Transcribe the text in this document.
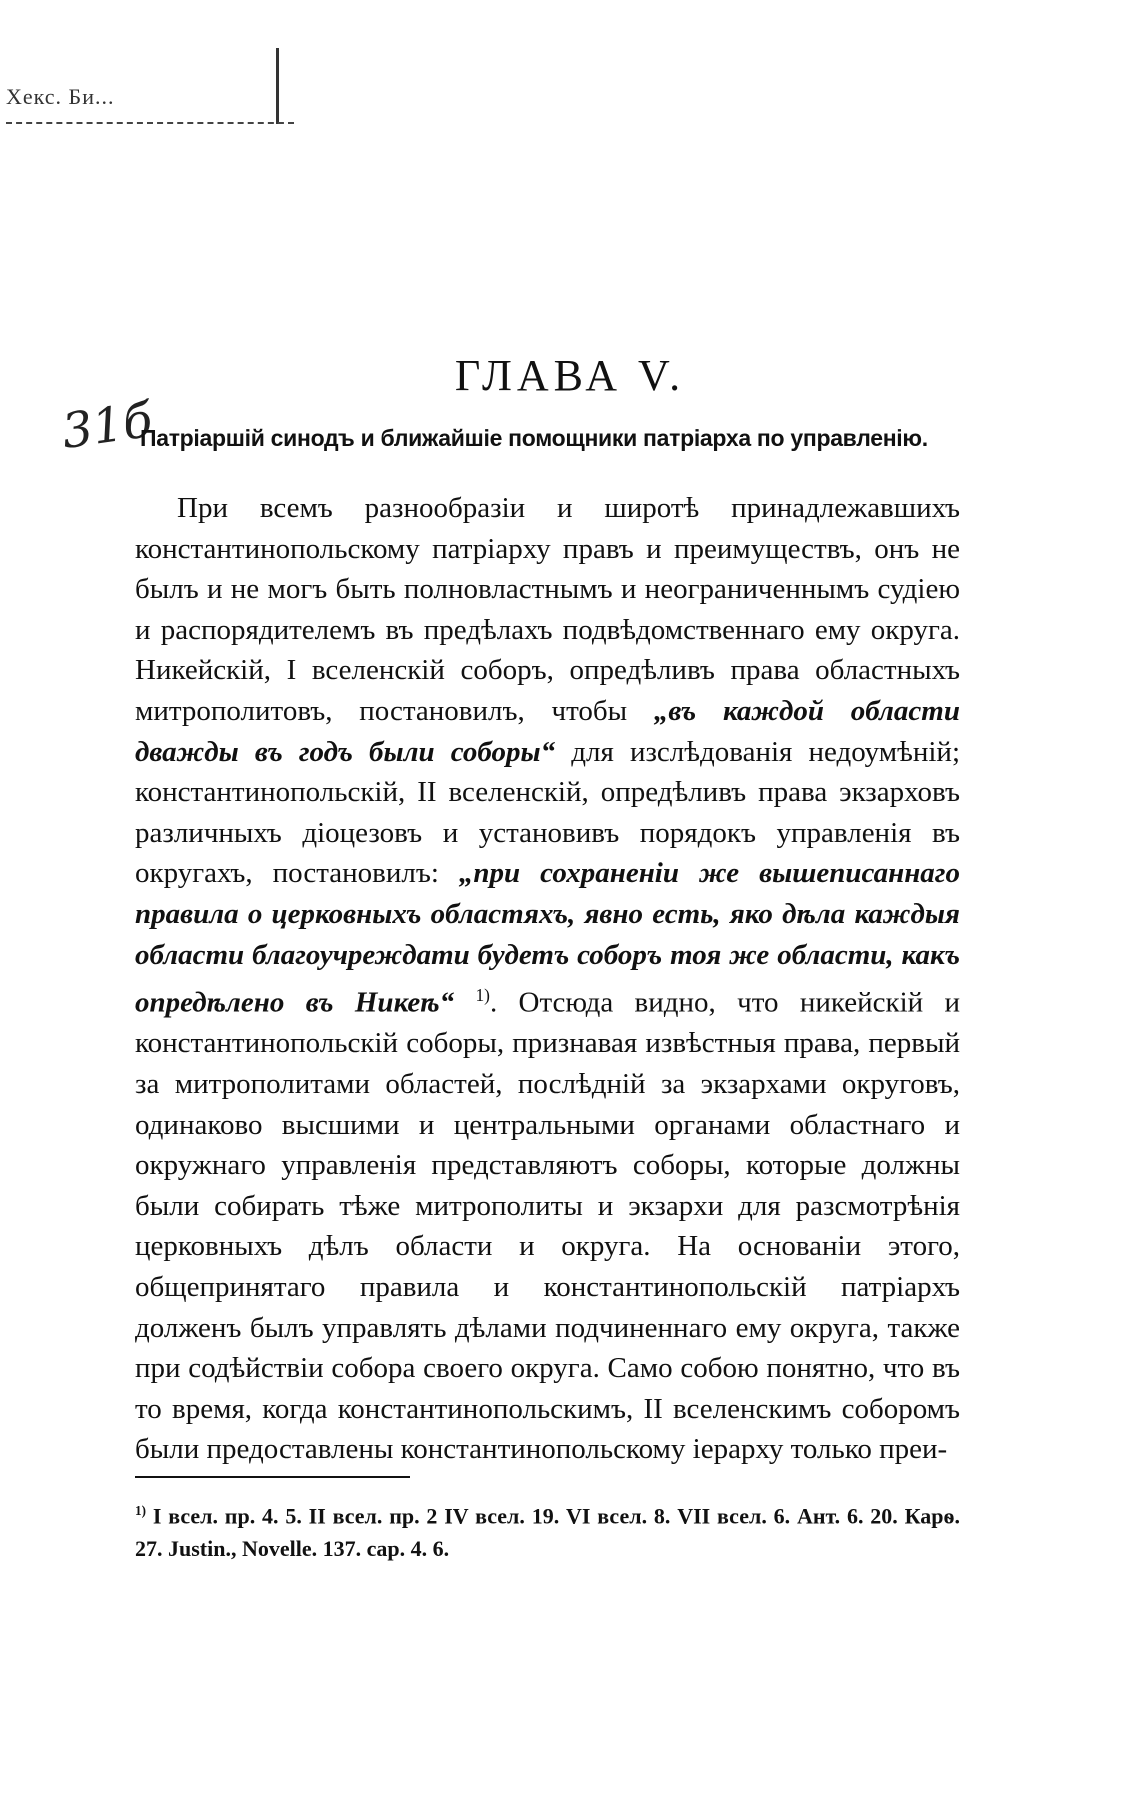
Хекс. Би...
31б
ГЛАВА V.
Патріаршій синодъ и ближайшіе помощники патріарха по управленію.
При всемъ разнообразіи и широтѣ принадлежавшихъ константинопольскому патріарху правъ и преимуществъ, онъ не былъ и не могъ быть полновластнымъ и неограниченнымъ судіею и распорядителемъ въ предѣлахъ подвѣдомственнаго ему округа. Никейскій, I вселенскій соборъ, опредѣливъ права областныхъ митрополитовъ, постановилъ, чтобы „въ каждой области дважды въ годъ были соборы“ для изслѣдованія недоумѣній; константинопольскій, II вселенскій, опредѣливъ права экзарховъ различныхъ діоцезовъ и установивъ порядокъ управленія въ округахъ, постановилъ: „при сохраненіи же вышеписаннаго правила о церковныхъ областяхъ, явно есть, яко дѣла каждыя области благоучреждати будетъ соборъ тоя же области, какъ опредѣлено въ Никеѣ“ $^{1)}$. Отсюда видно, что никейскій и константинопольскій соборы, признавая извѣстныя права, первый за митрополитами областей, послѣдній за экзархами округовъ, одинаково высшими и центральными органами областнаго и окружнаго управленія представляютъ соборы, которые должны были собирать тѣже митрополиты и экзархи для разсмотрѣнія церковныхъ дѣлъ области и округа. На основаніи этого, общепринятаго правила и константинопольскій патріархъ долженъ былъ управлять дѣлами подчиненнаго ему округа, также при содѣйствіи собора своего округа. Само собою понятно, что въ то время, когда константинопольскимъ, II вселенскимъ соборомъ были предоставлены константинопольскому іерарху только преи-
$^{1)}$ I всел. пр. 4. 5. II всел. пр. 2 IV всел. 19. VI всел. 8. VII всел. 6. Ант. 6. 20. Карѳ. 27. Justin., Novelle. 137. cap. 4. 6.
